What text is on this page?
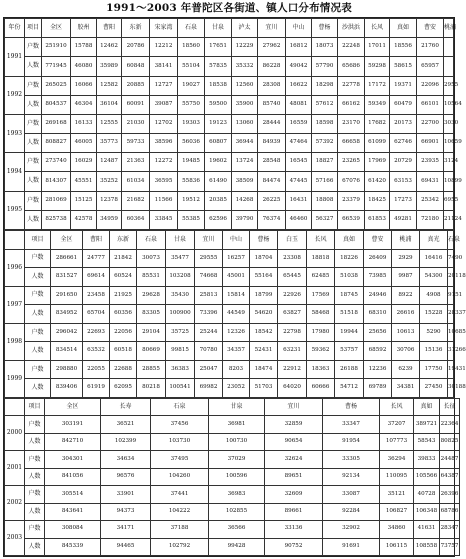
1991～2003 年普陀区各街道、镇人口分布情况表
年份	项目	全区	胶州	曹阳	东新	宋家湾	石泉	甘泉	泸太	宜川	中山	曹杨	沙洪浜	长风	真如	曹安	桃浦
1991	户数	251910	15788	12462	20786	12212	18560	17651	12229	27962	16812	18073	22248	17011	18556	21760	
	人数	771945	46080	35989	60848	38141	55104	57835	35332	86228	49042	57790	65686	59298	58615	65957	
1992	户数	265025	16066	12582	20885	12727	19027	18538	12560	28308	16622	18298	22778	17172	19371	22096	2955
	人数	804537	46304	36104	60091	39087	55750	59500	35900	85740	48081	57612	66162	59349	60479	66101	10564
1993	户数	269168	16133	12555	21030	12702	19303	19123	13060	28444	16559	18598	23170	17682	20173	22700	3030
	人数	808827	46005	35773	59733	38596	56036	60807	36944	84939	47464	57392	66658	61099	62746	66901	10659
1994	户数	273740	16029	12487	21363	12272	19485	19602	13724	28548	16545	18827	23265	17969	20729	23935	3124
	人数	814307	45551	35252	61034	36595	55836	61490	38509	84474	47445	57166	67076	61420	63153	69431	10899
1995	户数	281069	15125	12378	21682	11566	19512	20385	14268	26225	16431	18808	23379	18425	17273	25342	6955
	人数	825738	42578	34959	60364	33845	55385	62596	39790	76374	46460	56327	66539	61853	49281	72180	21124
	项目	全区	曹阳	东新	石泉	甘泉	宜川	中山	曹杨	白玉	长风	真如	曹安	桃浦	真光	石泉
1996	户数	286661	24777	21842	30073	35477	29555	16257	18704	23308	18818	18226	26409	2929	16416	7490
	人数	831527	69614	60524	85531	103208	74668	45001	55164	65445	62485	51038	73985	9987	54300	20118
1997	户数	291650	23458	21925	29628	35430	25813	15814	18799	22926	17569	18745	24946	8922	4908	9151
	人数	834952	65704	60356	83305	100900	73396	44549	54620	63827	58468	51518	68310	26616	15228	28337
1998	户数	296042	22693	22056	29104	35725	25244	12326	18542	22798	17980	19944	25656	10613	5290	10685
	人数	834514	63532	60518	80669	99815	70780	34357	52431	63231	59362	53757	68592	30706	15136	31266
1999	户数	298880	22055	22688	28855	36383	25047	8203	18474	22912	18363	26188	12236	6239	17750	19431
	人数	839406	61919	62095	80218	100541	69982	23052	51703	64020	60666	54712	69789	34381	27450	30188
	项目	全区	长寿	石泉	甘泉	宜川	曹杨	长风	真如	长征	
2000	户数	303191	36521	37456	36981	32859	33347	37207	389721	22364	
	人数	842710	102399	103730	100730	90654	91954	107773	58543	80825	
2001	户数	304301	34634	37495	37029	32624	33305	36294	39833	24487	
	人数	841056	96576	104260	100596	89651	92134	110095	105566	64387	
2002	户数	305514	33901	37441	36983	32609	33087	35121	40728	26396	
	人数	843641	94373	104222	102855	89661	92284	106827	106348	68786	
2003	户数	308084	34171	37188	36566	33136	32902	34860	41631	28347	
	人数	845339	94465	102792	99428	90752	91691	106115	108558	73757	
